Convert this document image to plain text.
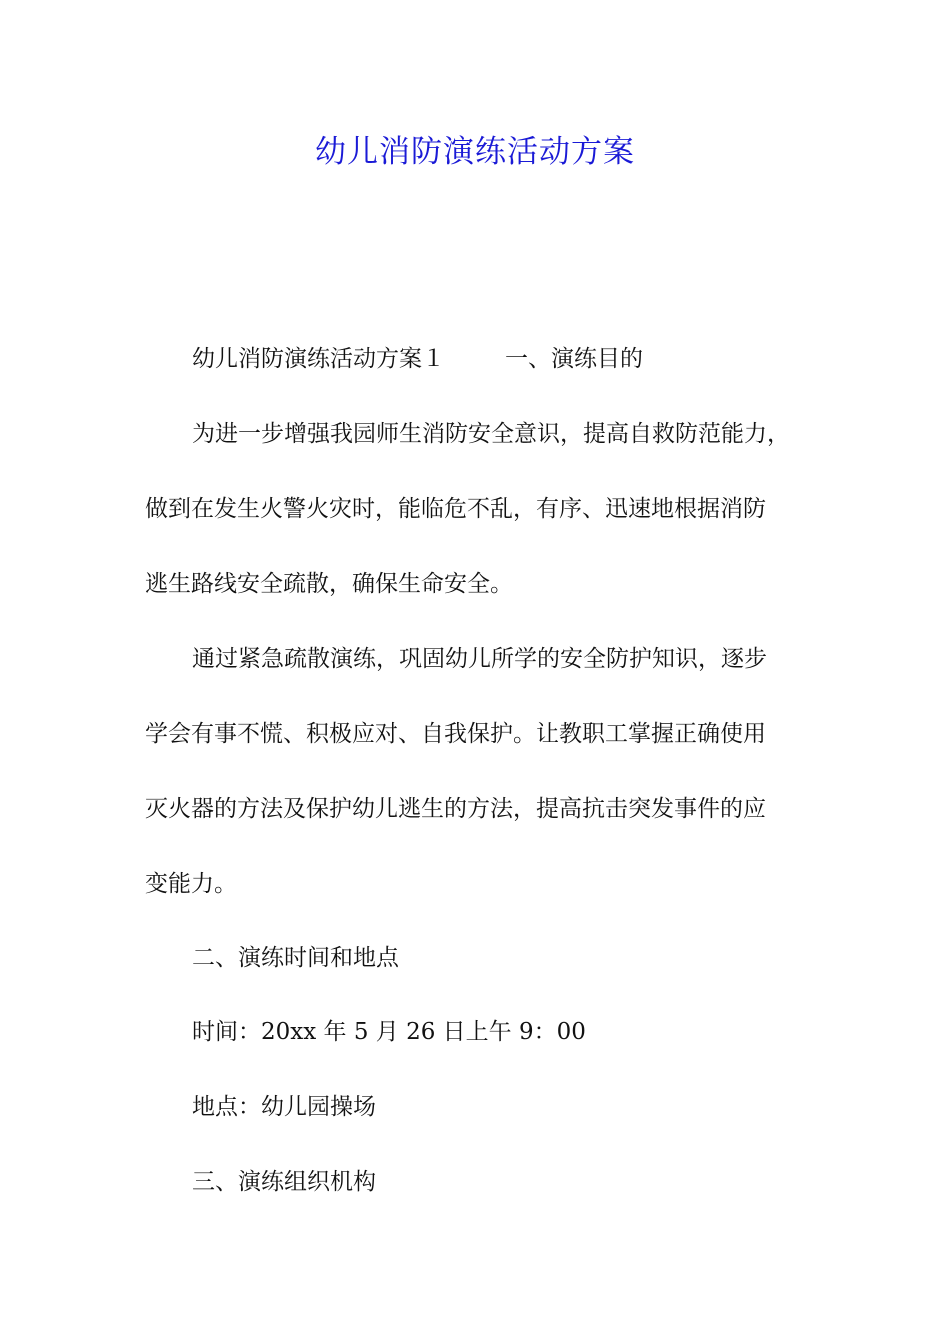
幼儿消防演练活动方案
幼儿消防演练活动方案１	一、演练目的
为进一步增强我园师生消防安全意识，提高自救防范能力，
做到在发生火警火灾时，能临危不乱，有序、迅速地根据消防
逃生路线安全疏散，确保生命安全。
通过紧急疏散演练，巩固幼儿所学的安全防护知识，逐步
学会有事不慌、积极应对、自我保护。让教职工掌握正确使用
灭火器的方法及保护幼儿逃生的方法，提高抗击突发事件的应
变能力。
二、演练时间和地点
时间：20xx 年 5 月 26 日上午 9：00
地点：幼儿园操场
三、演练组织机构
